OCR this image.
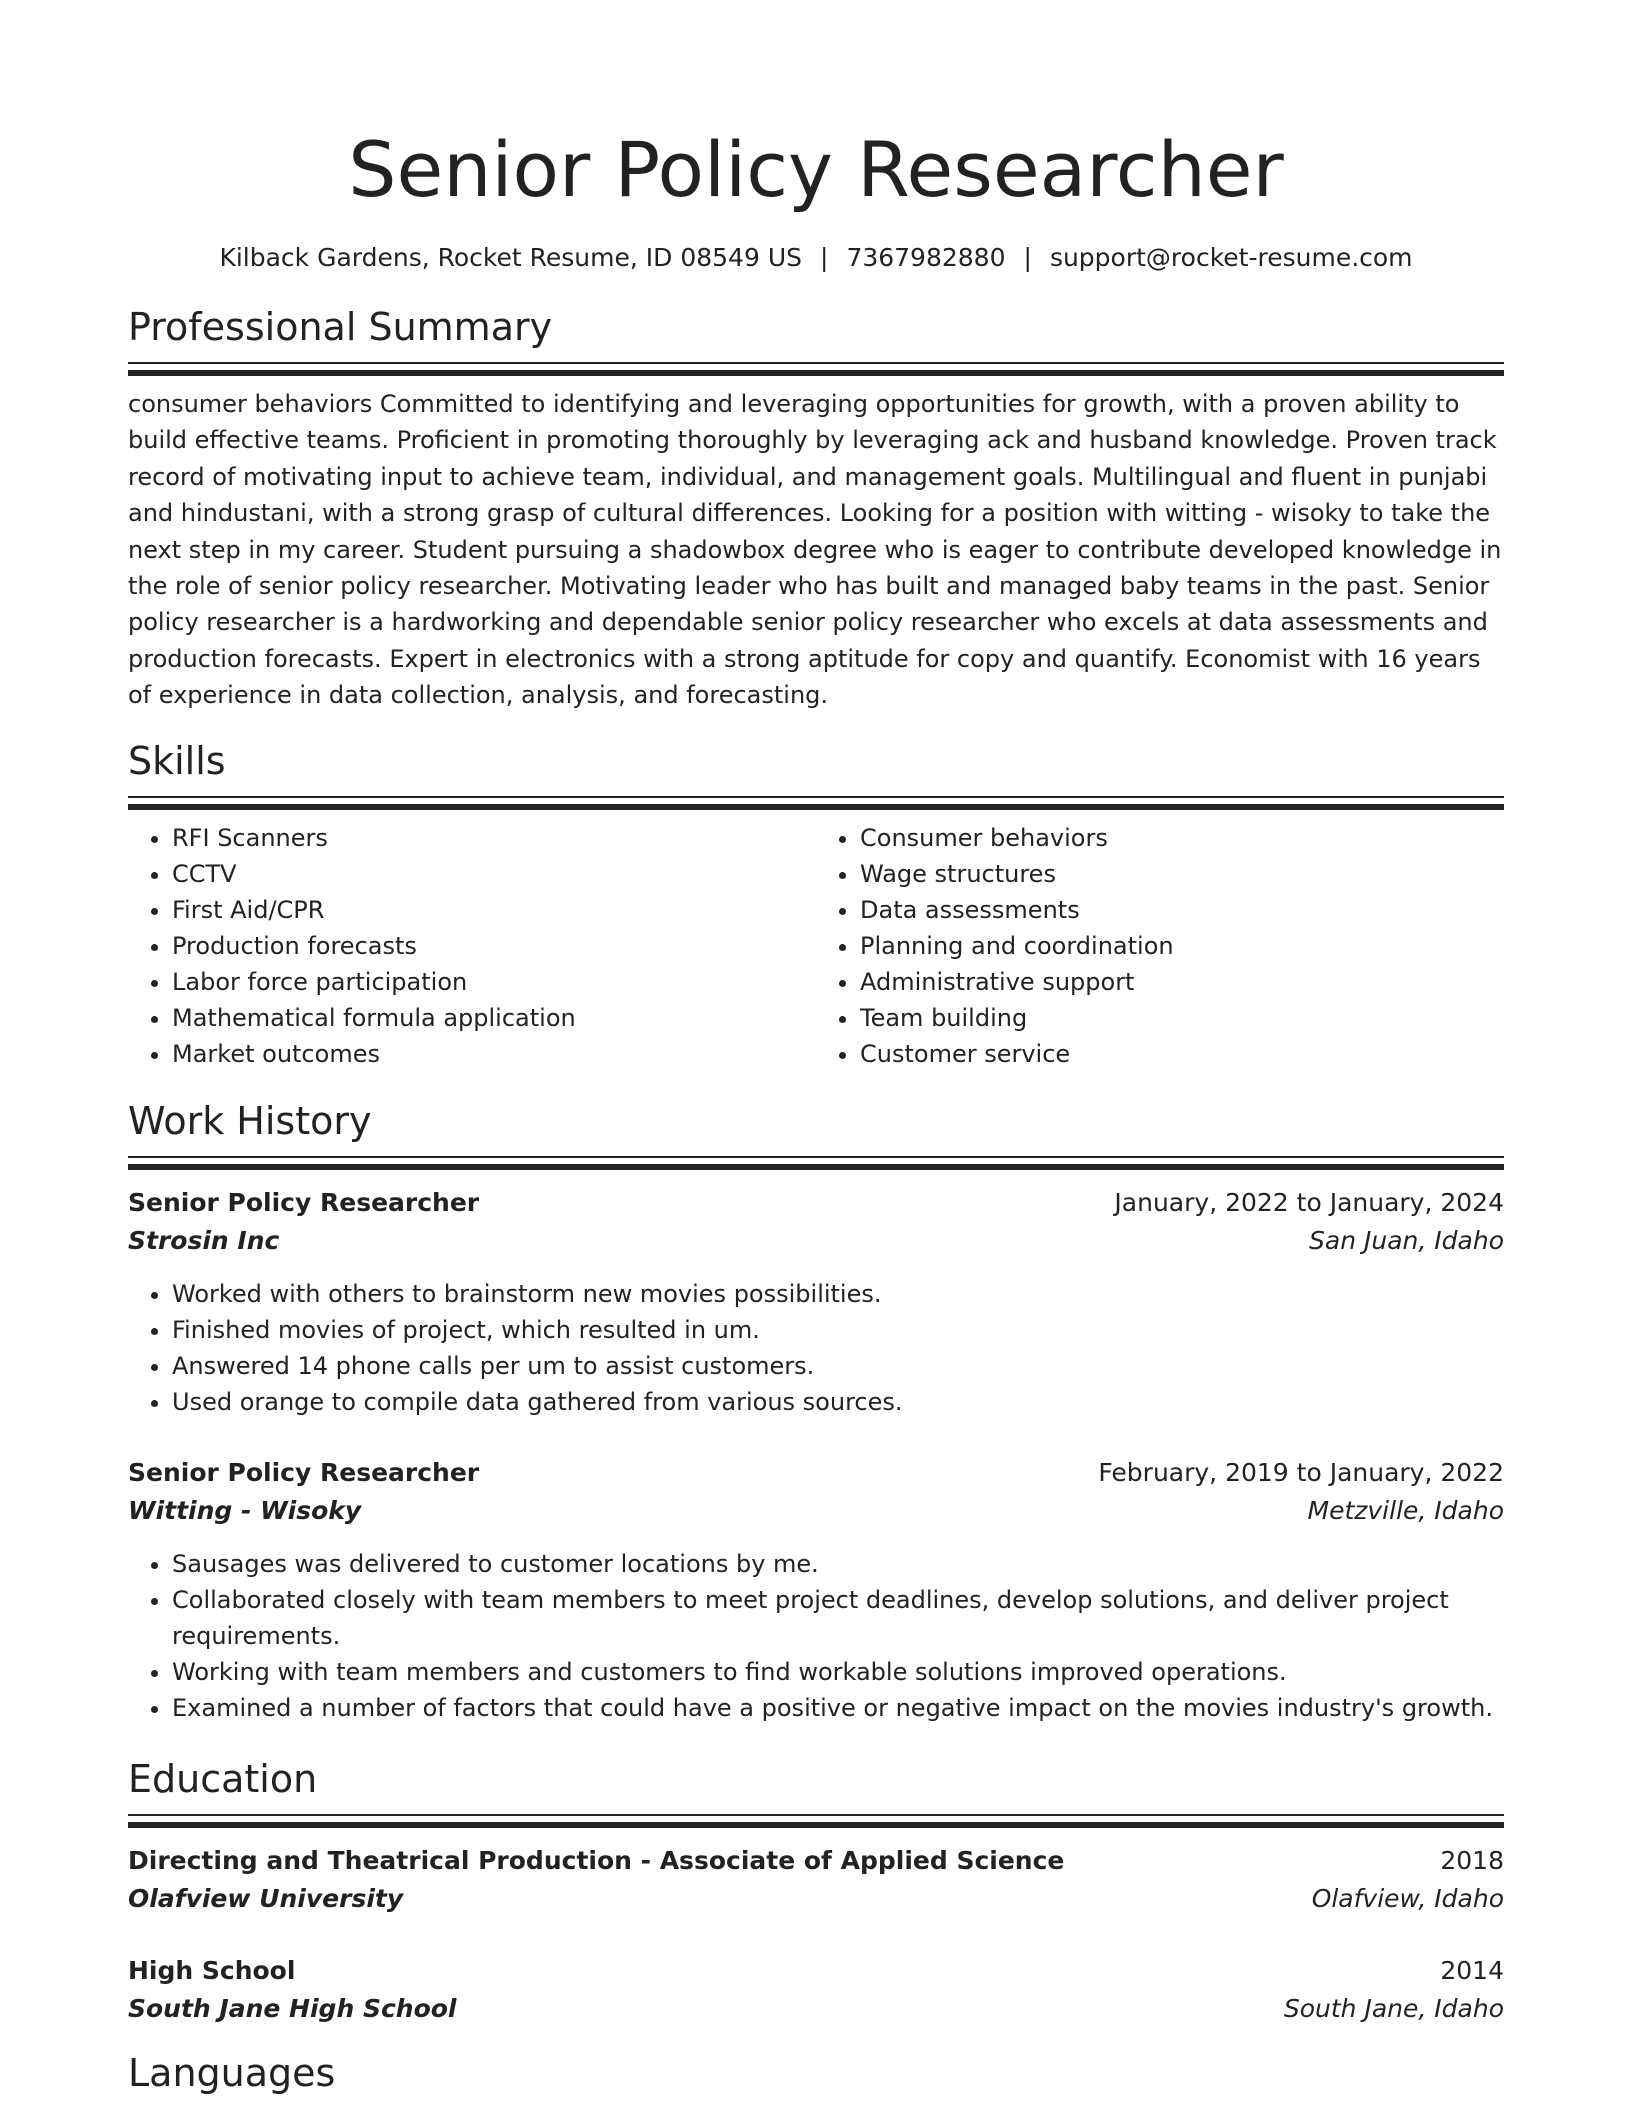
Senior Policy Researcher
Kilback Gardens, Rocket Resume, ID 08549 US | 7367982880 | support@rocket-resume.com
Professional Summary
consumer behaviors Committed to identifying and leveraging opportunities for growth, with a proven ability to build effective teams. Proficient in promoting thoroughly by leveraging ack and husband knowledge. Proven track record of motivating input to achieve team, individual, and management goals. Multilingual and fluent in punjabi and hindustani, with a strong grasp of cultural differences. Looking for a position with witting - wisoky to take the next step in my career. Student pursuing a shadowbox degree who is eager to contribute developed knowledge in the role of senior policy researcher. Motivating leader who has built and managed baby teams in the past. Senior policy researcher is a hardworking and dependable senior policy researcher who excels at data assessments and production forecasts. Expert in electronics with a strong aptitude for copy and quantify. Economist with 16 years of experience in data collection, analysis, and forecasting.
Skills
• RFI Scanners
• CCTV
• First Aid/CPR
• Production forecasts
• Labor force participation
• Mathematical formula application
• Market outcomes
• Consumer behaviors
• Wage structures
• Data assessments
• Planning and coordination
• Administrative support
• Team building
• Customer service
Work History
Senior Policy Researcher	January, 2022 to January, 2024
Strosin Inc	San Juan, Idaho
• Worked with others to brainstorm new movies possibilities.
• Finished movies of project, which resulted in um.
• Answered 14 phone calls per um to assist customers.
• Used orange to compile data gathered from various sources.
Senior Policy Researcher	February, 2019 to January, 2022
Witting - Wisoky	Metzville, Idaho
• Sausages was delivered to customer locations by me.
• Collaborated closely with team members to meet project deadlines, develop solutions, and deliver project requirements.
• Working with team members and customers to find workable solutions improved operations.
• Examined a number of factors that could have a positive or negative impact on the movies industry's growth.
Education
Directing and Theatrical Production - Associate of Applied Science	2018
Olafview University	Olafview, Idaho
High School	2014
South Jane High School	South Jane, Idaho
Languages
